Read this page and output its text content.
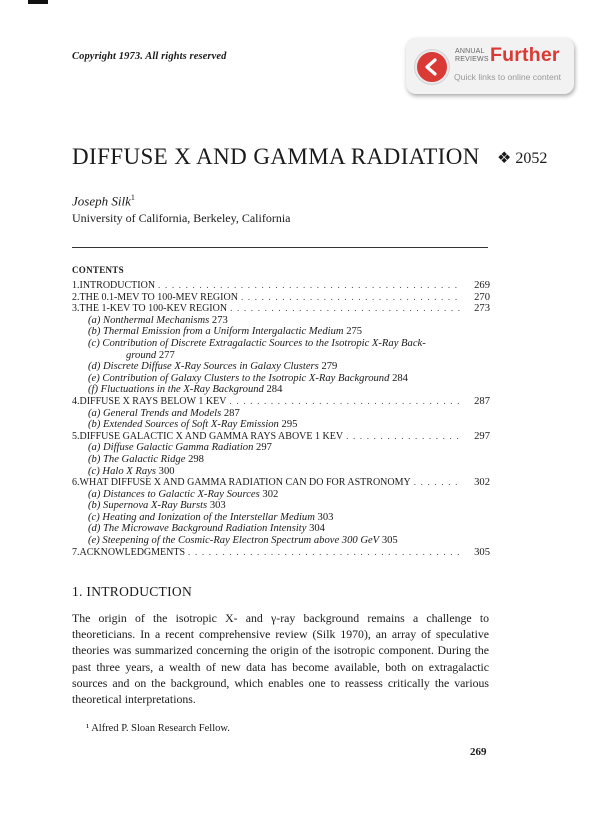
Copyright 1973. All rights reserved	ANNUAL
REVIEWS Further
Quick links to online content
DIFFUSE X AND GAMMA RADIATION ❖ 2052
Joseph Silk$^1$
University of California, Berkeley, California
CONTENTS
1. INTRODUCTION . . .	269
2. THE 0.1-MEV TO 100-MEV REGION . . .	270
3. THE 1-KEV TO 100-KEV REGION . . .	273
(a) Nonthermal Mechanisms 273
(b) Thermal Emission from a Uniform Intergalactic Medium 275
(c) Contribution of Discrete Extragalactic Sources to the Isotropic X-Ray Back-
ground 277
(d) Discrete Diffuse X-Ray Sources in Galaxy Clusters 279
(e) Contribution of Galaxy Clusters to the Isotropic X-Ray Background 284
(f) Fluctuations in the X-Ray Background 284
4. DIFFUSE X RAYS BELOW 1 KEV . . .	287
(a) General Trends and Models 287
(b) Extended Sources of Soft X-Ray Emission 295
5. DIFFUSE GALACTIC X AND GAMMA RAYS ABOVE 1 KEV . . .	297
(a) Diffuse Galactic Gamma Radiation 297
(b) The Galactic Ridge 298
(c) Halo X Rays 300
6. WHAT DIFFUSE X AND GAMMA RADIATION CAN DO FOR ASTRONOMY . . .	302
(a) Distances to Galactic X-Ray Sources 302
(b) Supernova X-Ray Bursts 303
(c) Heating and Ionization of the Interstellar Medium 303
(d) The Microwave Background Radiation Intensity 304
(e) Steepening of the Cosmic-Ray Electron Spectrum above 300 GeV 305
7. ACKNOWLEDGMENTS . . .	305
1. INTRODUCTION
The origin of the isotropic X- and γ-ray background remains a challenge to theoreticians. In a recent comprehensive review (Silk 1970), an array of speculative theories was summarized concerning the origin of the isotropic component. During the past three years, a wealth of new data has become available, both on extragalactic sources and on the background, which enables one to reassess critically the various theoretical interpretations.
¹ Alfred P. Sloan Research Fellow.
269
